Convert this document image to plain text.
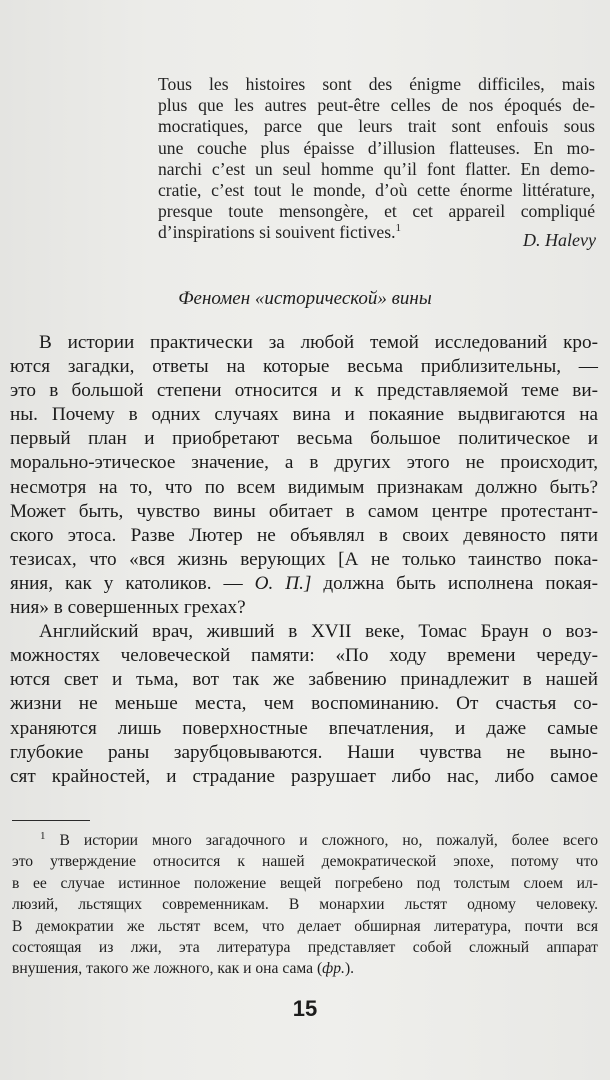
Tous les histoires sont des énigme difficiles, mais
plus que les autres peut-être celles de nos époqués de-
mocratiques, parce que leurs trait sont enfouis sous
une couche plus épaisse d’illusion flatteuses. En mo-
narchi c’est un seul homme qu’il font flatter. En demo-
cratie, c’est tout le monde, d’où cette énorme littérature,
presque toute mensongère, et cet appareil compliqué
d’inspirations si souivent fictives.$^1$
D. Halevy
Феномен «исторической» вины
В истории практически за любой темой исследований кро-
ются загадки, ответы на которые весьма приблизительны, —
это в большой степени относится и к представляемой теме ви-
ны. Почему в одних случаях вина и покаяние выдвигаются на
первый план и приобретают весьма большое политическое и
морально-этическое значение, а в других этого не происходит,
несмотря на то, что по всем видимым признакам должно быть?
Может быть, чувство вины обитает в самом центре протестант-
ского этоса. Разве Лютер не объявлял в своих девяносто пяти
тезисах, что «вся жизнь верующих [А не только таинство пока-
яния, как у католиков. — О. П.] должна быть исполнена покая-
ния» в совершенных грехах?
Английский врач, живший в XVII веке, Томас Браун о воз-
можностях человеческой памяти: «По ходу времени череду-
ются свет и тьма, вот так же забвению принадлежит в нашей
жизни не меньше места, чем воспоминанию. От счастья со-
храняются лишь поверхностные впечатления, и даже самые
глубокие раны зарубцовываются. Наши чувства не выно-
сят крайностей, и страдание разрушает либо нас, либо самое
$^1$ В истории много загадочного и сложного, но, пожалуй, более всего
это утверждение относится к нашей демократической эпохе, потому что
в ее случае истинное положение вещей погребено под толстым слоем ил-
люзий, льстящих современникам. В монархии льстят одному человеку.
В демократии же льстят всем, что делает обширная литература, почти вся
состоящая из лжи, эта литература представляет собой сложный аппарат
внушения, такого же ложного, как и она сама (фр.).
15
